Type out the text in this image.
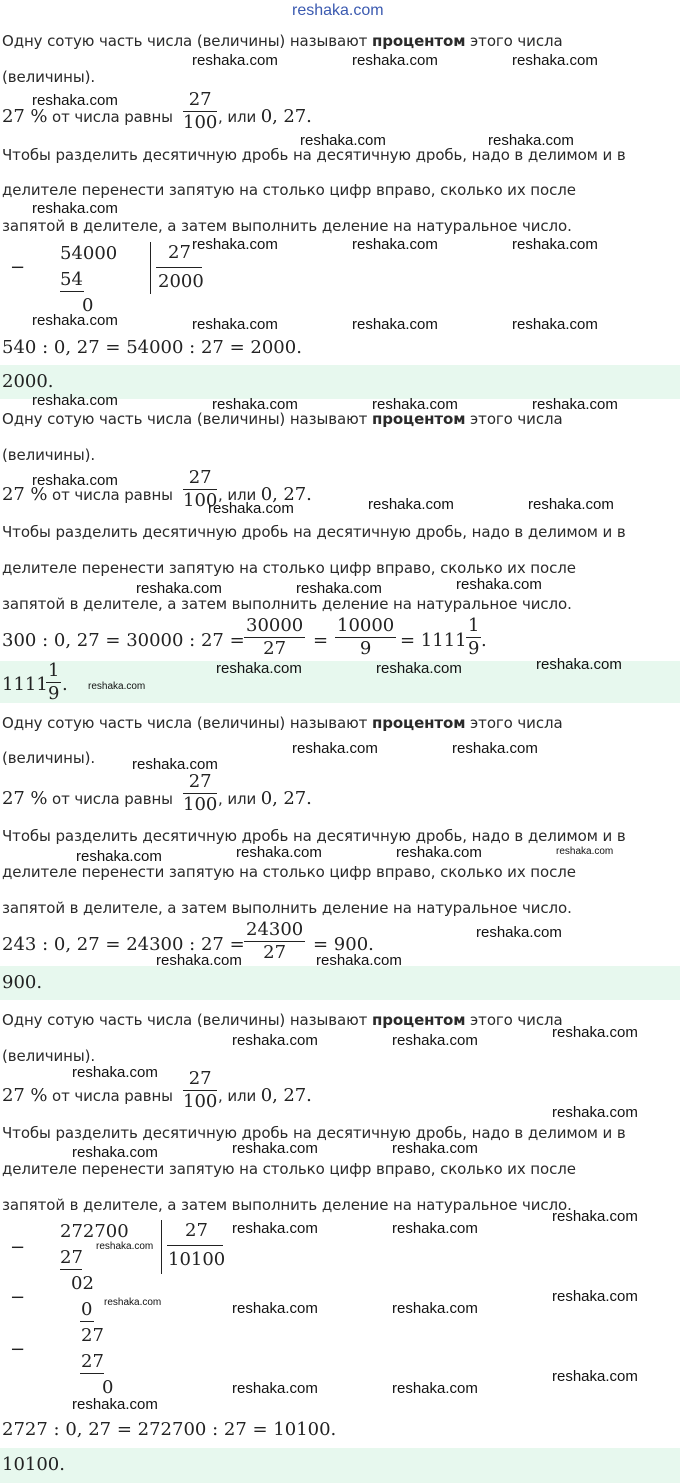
reshaka.com
Одну сотую часть числа (величины) называют процентом этого числа
(величины).
27 % от числа равны $\frac{27}{100}$ , или 0, 27.
Чтобы разделить десятичную дробь на десятичную дробь, надо в делимом и в
делителе перенести запятую на столько цифр вправо, сколько их после
запятой в делителе, а затем выполнить деление на натуральное число.
−
54000	27
2000
54
0
540 : 0, 27 = 54000 : 27 = 2000.
2000.
Одну сотую часть числа (величины) называют процентом этого числа
(величины).
27 % от числа равны $\frac{27}{100}$ , или 0, 27.
Чтобы разделить десятичную дробь на десятичную дробь, надо в делимом и в
делителе перенести запятую на столько цифр вправо, сколько их после
запятой в делителе, а затем выполнить деление на натуральное число.
300 : 0, 27 = 30000 : $27 = \frac{30000}{27} = \frac{10000}{9} = 1111 \frac{1}{9}$ .
1111
$\frac{1}{9}$ .
Одну сотую часть числа (величины) называют процентом этого числа
(величины).
27 % от числа равны $\frac{27}{100}$ , или 0, 27.
Чтобы разделить десятичную дробь на десятичную дробь, надо в делимом и в
делителе перенести запятую на столько цифр вправо, сколько их после
запятой в делителе, а затем выполнить деление на натуральное число.
243 : 0, 27 = 24300 : $27 = \frac{24300}{27} = 900$.
900.
Одну сотую часть числа (величины) называют процентом этого числа
(величины).
27 % от числа равны $\frac{27}{100}$ , или 0, 27.
Чтобы разделить десятичную дробь на десятичную дробь, надо в делимом и в
делителе перенести запятую на столько цифр вправо, сколько их после
запятой в делителе, а затем выполнить деление на натуральное число.
272700	27
10100
− 27
02
−
0
27
−
27
0
2727 : 0, 27 = 272700 : 27 = 10100.
10100.
reshaka.com	reshaka.com	reshaka.com
reshaka.com
reshaka.com	reshaka.com
reshaka.com
reshaka.com	reshaka.com	reshaka.com
reshaka.com	reshaka.com	reshaka.com	reshaka.com
reshaka.com	reshaka.com	reshaka.com	reshaka.com
reshaka.com
reshaka.com	reshaka.com	reshaka.com
reshaka.com	reshaka.com	reshaka.com
reshaka.com	reshaka.com	reshaka.com
reshaka.com
reshaka.com	reshaka.com
reshaka.com
reshaka.com	reshaka.com	reshaka.com	reshaka.com
reshaka.com
reshaka.com	reshaka.com
reshaka.com
reshaka.com	reshaka.com
reshaka.com
reshaka.com
reshaka.com	reshaka.com
reshaka.com
reshaka.com
reshaka.com	reshaka.com
reshaka.com
reshaka.com
reshaka.com	reshaka.com	reshaka.com
reshaka.com
reshaka.com	reshaka.com
reshaka.com
